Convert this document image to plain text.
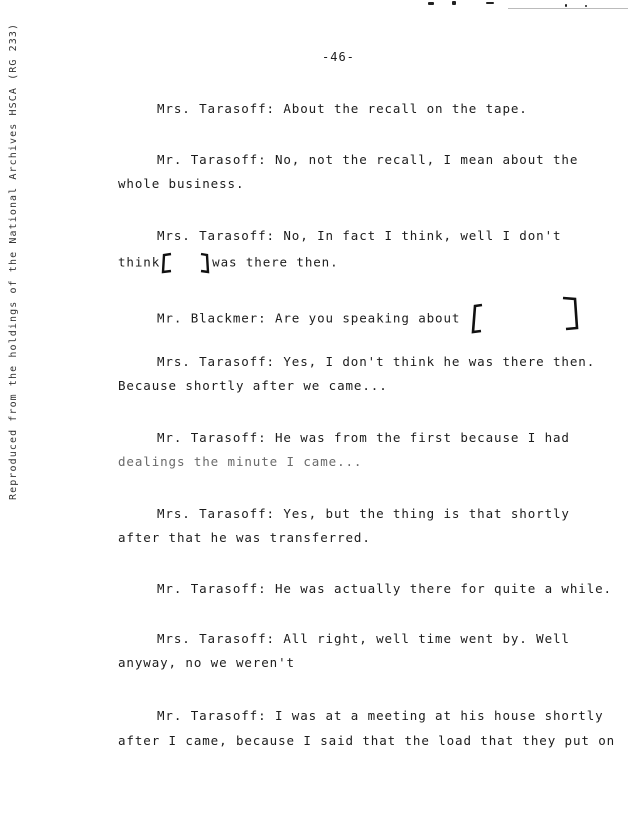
-46-
Reproduced from the holdings of the National Archives HSCA (RG 233)	Mrs. Tarasoff: About the recall on the tape.
Mr. Tarasoff: No, not the recall, I mean about the
whole business.
Mrs. Tarasoff: No, In fact I think, well I don't
think	was there then.
Mr. Blackmer: Are you speaking about
Mrs. Tarasoff: Yes, I don't think he was there then.
Because shortly after we came...
Mr. Tarasoff: He was from the first because I had
dealings the minute I came...
Mrs. Tarasoff: Yes, but the thing is that shortly
after that he was transferred.
Mr. Tarasoff: He was actually there for quite a while.
Mrs. Tarasoff: All right, well time went by. Well
anyway, no we weren't
Mr. Tarasoff: I was at a meeting at his house shortly
after I came, because I said that the load that they put on
